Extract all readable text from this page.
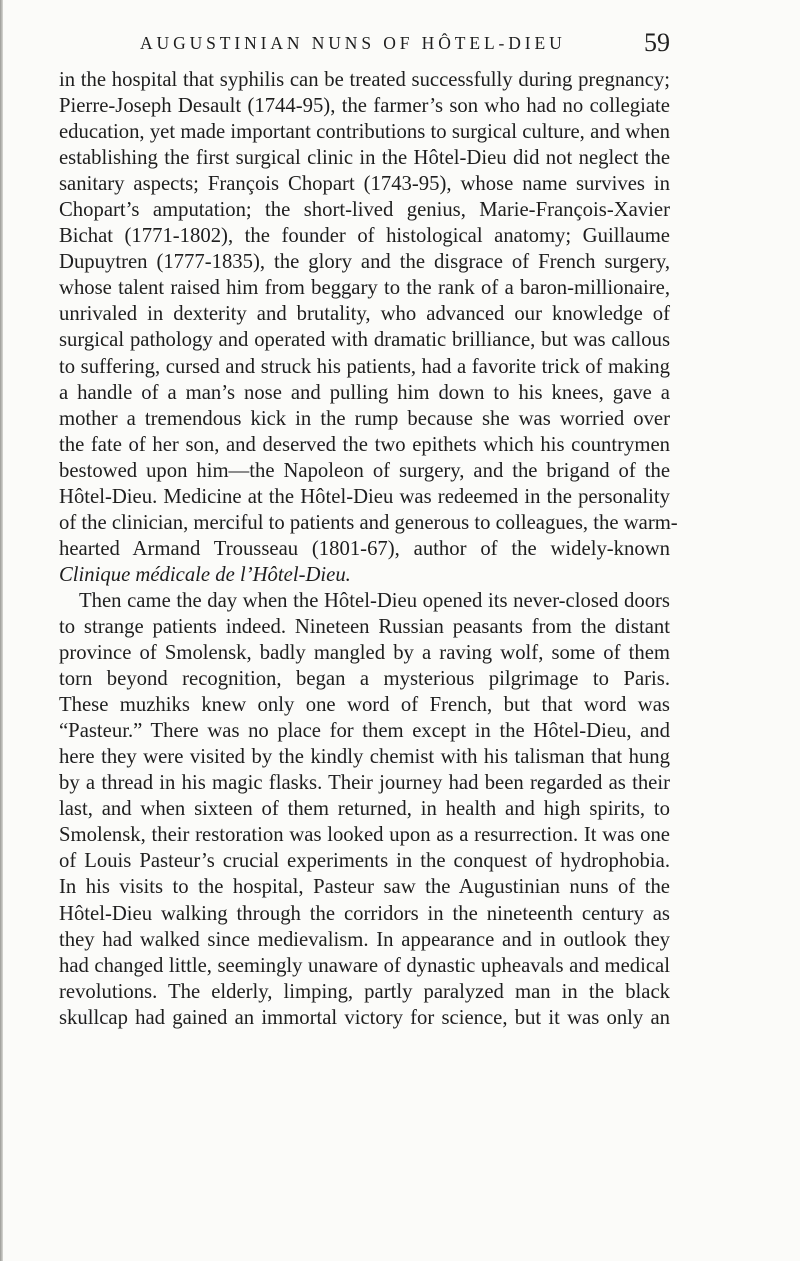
AUGUSTINIAN NUNS OF HÔTEL-DIEU	59
in the hospital that syphilis can be treated successfully during pregnancy;
Pierre-Joseph Desault (1744-95), the farmer’s son who had no collegiate
education, yet made important contributions to surgical culture, and when
establishing the first surgical clinic in the Hôtel-Dieu did not neglect the
sanitary aspects; François Chopart (1743-95), whose name survives in
Chopart’s amputation; the short-lived genius, Marie-François-Xavier
Bichat (1771-1802), the founder of histological anatomy; Guillaume
Dupuytren (1777-1835), the glory and the disgrace of French surgery,
whose talent raised him from beggary to the rank of a baron-millionaire,
unrivaled in dexterity and brutality, who advanced our knowledge of
surgical pathology and operated with dramatic brilliance, but was callous
to suffering, cursed and struck his patients, had a favorite trick of making
a handle of a man’s nose and pulling him down to his knees, gave a
mother a tremendous kick in the rump because she was worried over
the fate of her son, and deserved the two epithets which his countrymen
bestowed upon him—the Napoleon of surgery, and the brigand of the
Hôtel-Dieu. Medicine at the Hôtel-Dieu was redeemed in the personality
of the clinician, merciful to patients and generous to colleagues, the warm-
hearted Armand Trousseau (1801-67), author of the widely-known
Clinique médicale de l’Hôtel-Dieu.
Then came the day when the Hôtel-Dieu opened its never-closed doors
to strange patients indeed. Nineteen Russian peasants from the distant
province of Smolensk, badly mangled by a raving wolf, some of them
torn beyond recognition, began a mysterious pilgrimage to Paris.
These muzhiks knew only one word of French, but that word was
“Pasteur.” There was no place for them except in the Hôtel-Dieu, and
here they were visited by the kindly chemist with his talisman that hung
by a thread in his magic flasks. Their journey had been regarded as their
last, and when sixteen of them returned, in health and high spirits, to
Smolensk, their restoration was looked upon as a resurrection. It was one
of Louis Pasteur’s crucial experiments in the conquest of hydrophobia.
In his visits to the hospital, Pasteur saw the Augustinian nuns of the
Hôtel-Dieu walking through the corridors in the nineteenth century as
they had walked since medievalism. In appearance and in outlook they
had changed little, seemingly unaware of dynastic upheavals and medical
revolutions. The elderly, limping, partly paralyzed man in the black
skullcap had gained an immortal victory for science, but it was only an
